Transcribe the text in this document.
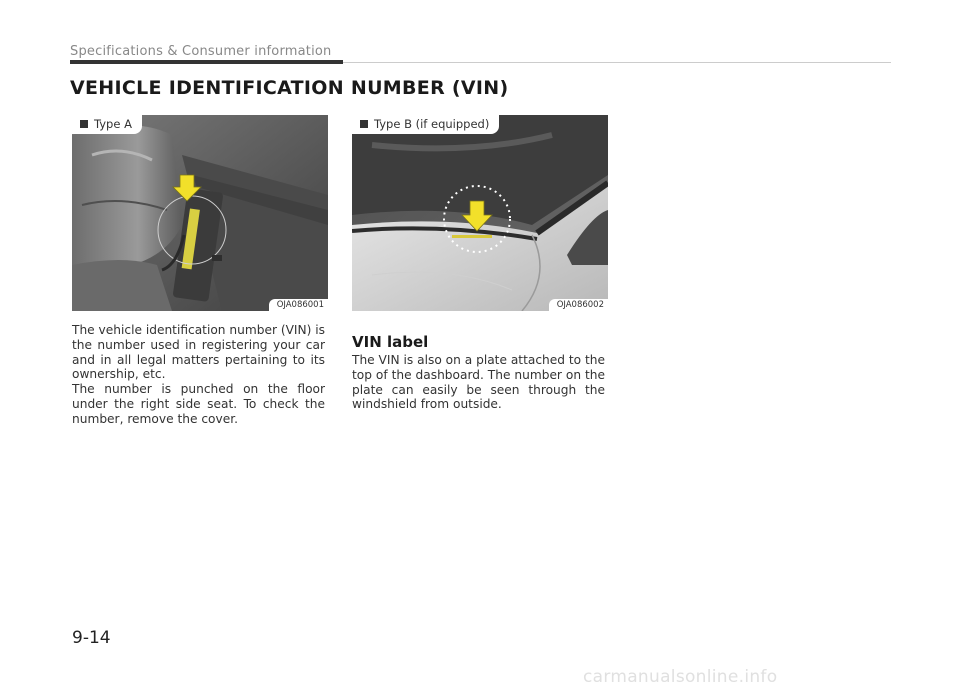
Specifications & Consumer information
VEHICLE IDENTIFICATION NUMBER (VIN)
Type A
OJA086001
Type B (if equipped)
OJA086002
The vehicle identification number (VIN) is the number used in registering your car and in all legal matters pertaining to its ownership, etc.
The number is punched on the floor under the right side seat. To check the number, remove the cover.
VIN label
The VIN is also on a plate attached to the top of the dashboard. The number on the plate can easily be seen through the windshield from outside.
9-14
carmanualsonline.info
